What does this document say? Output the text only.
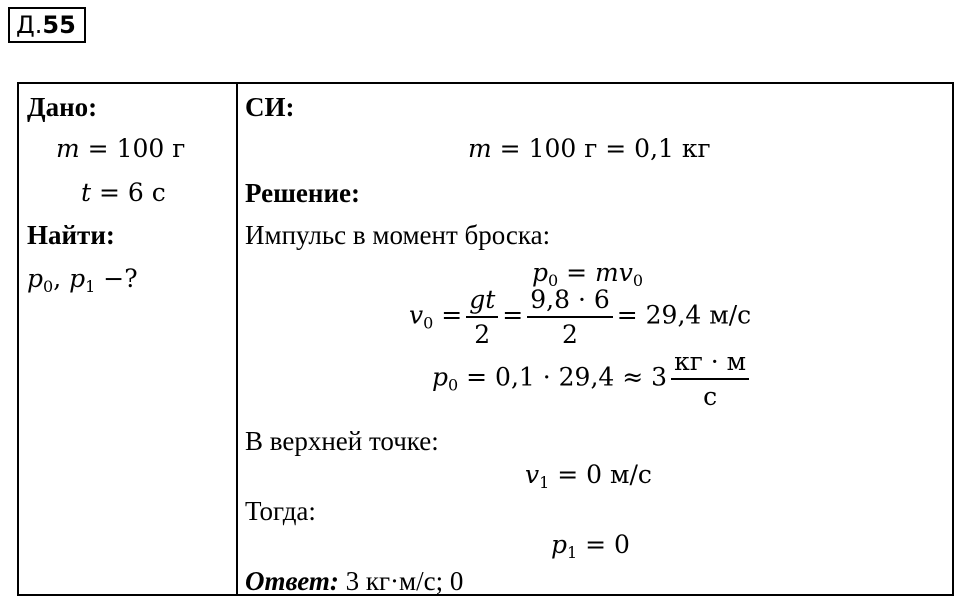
Д. 55
Дано:
m = 100 г
t = 6 с
Найти:
$p_0$, $p_1$ −?
СИ:
m = 100 г = 0,1 кг
Решение:
Импульс в момент броска:
$p_0 = mv_0$
$v_0 = \frac{gt}{2} = \frac{9,8 \cdot 6}{2} = 29,4$ м/с
$p_0 = 0,1 \cdot 29,4 \approx 3 \frac{кг \cdot м}{с}$
В верхней точке:
$v_1 = 0$ м/с
Тогда:
$p_1 = 0$
Ответ: 3 кг·м/с; 0
